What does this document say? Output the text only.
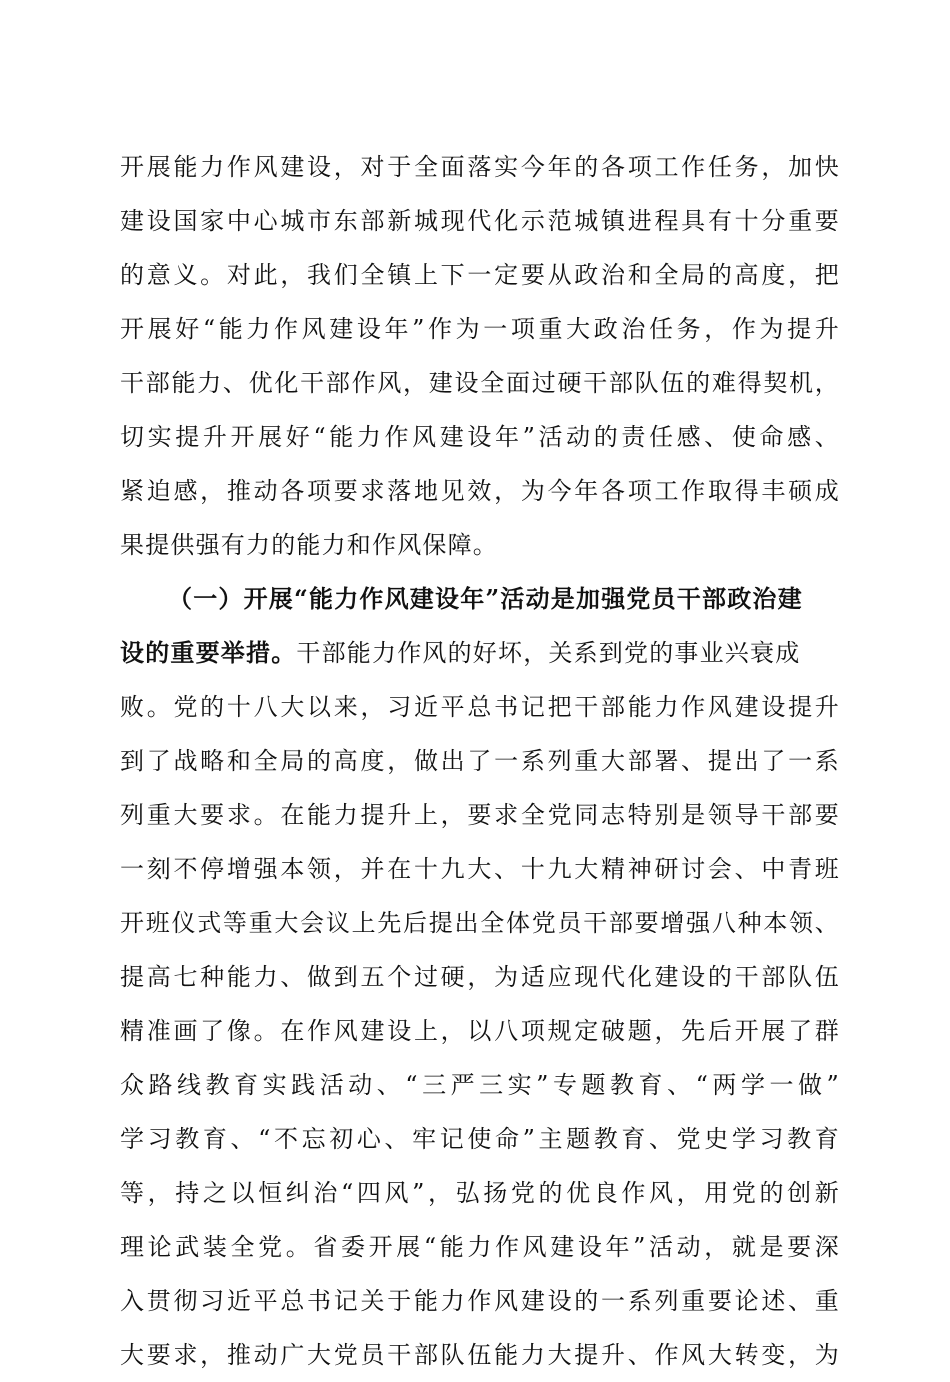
开展能力作风建设，对于全面落实今年的各项工作任务，加快
建设国家中心城市东部新城现代化示范城镇进程具有十分重要
的意义。对此，我们全镇上下一定要从政治和全局的高度，把
开展好“能力作风建设年”作为一项重大政治任务，作为提升
干部能力、优化干部作风，建设全面过硬干部队伍的难得契机，
切实提升开展好“能力作风建设年”活动的责任感、使命感、
紧迫感，推动各项要求落地见效，为今年各项工作取得丰硕成
果提供强有力的能力和作风保障。
（一）开展“能力作风建设年”活动是加强党员干部政治建
设的重要举措。干部能力作风的好坏，关系到党的事业兴衰成
败。党的十八大以来，习近平总书记把干部能力作风建设提升
到了战略和全局的高度，做出了一系列重大部署、提出了一系
列重大要求。在能力提升上，要求全党同志特别是领导干部要
一刻不停增强本领，并在十九大、十九大精神研讨会、中青班
开班仪式等重大会议上先后提出全体党员干部要增强八种本领、
提高七种能力、做到五个过硬，为适应现代化建设的干部队伍
精准画了像。在作风建设上，以八项规定破题，先后开展了群
众路线教育实践活动、“三严三实”专题教育、“两学一做”
学习教育、“不忘初心、牢记使命”主题教育、党史学习教育
等，持之以恒纠治“四风”，弘扬党的优良作风，用党的创新
理论武装全党。省委开展“能力作风建设年”活动，就是要深
入贯彻习近平总书记关于能力作风建设的一系列重要论述、重
大要求，推动广大党员干部队伍能力大提升、作风大转变，为
